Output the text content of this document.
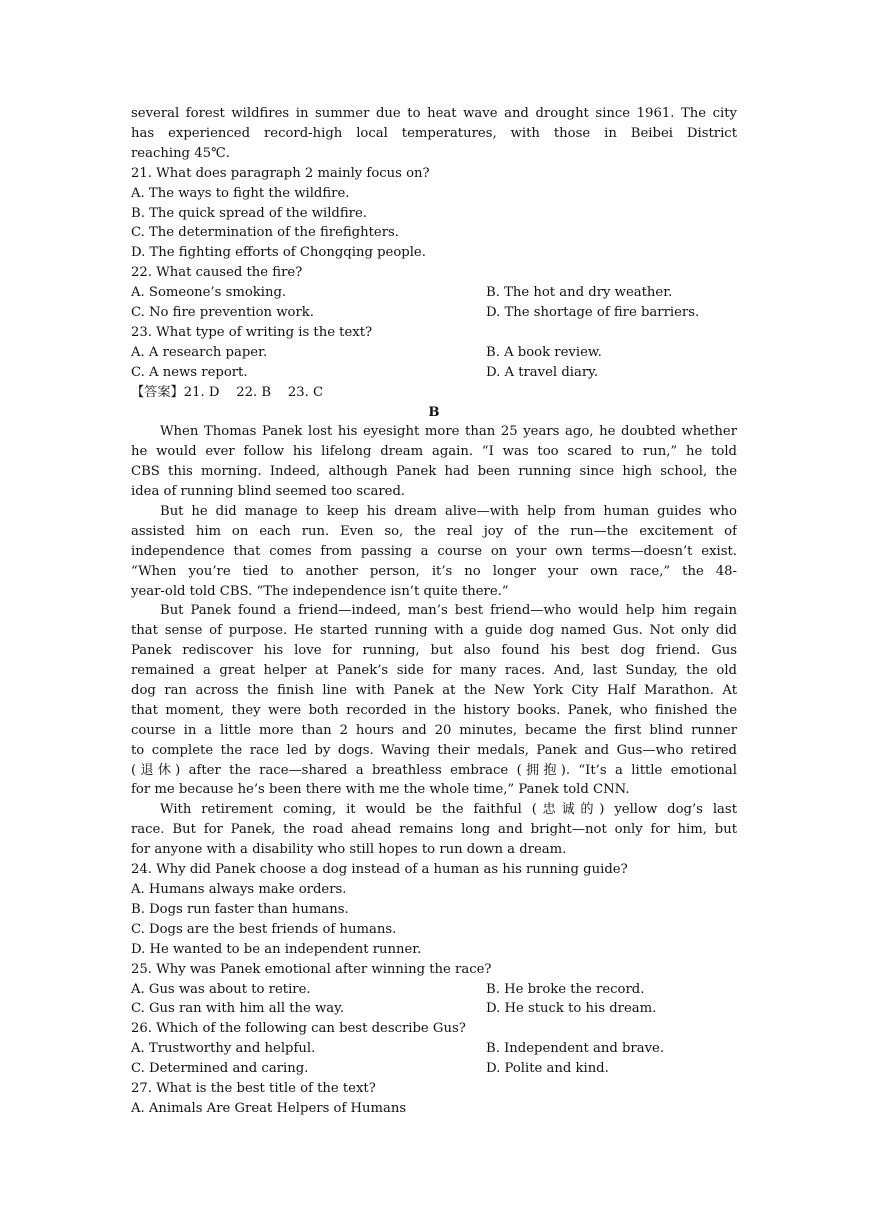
several forest wildfires in summer due to heat wave and drought since 1961. The city
has experienced record-high local temperatures, with those in Beibei District
reaching 45℃.
21. What does paragraph 2 mainly focus on?
A. The ways to fight the wildfire.
B. The quick spread of the wildfire.
C. The determination of the firefighters.
D. The fighting efforts of Chongqing people.
22. What caused the fire?
A. Someone’s smoking.	B. The hot and dry weather.
C. No fire prevention work.	D. The shortage of fire barriers.
23. What type of writing is the text?
A. A research paper.	B. A book review.
C. A news report.	D. A travel diary.
【答案】21. D    22. B    23. C
B
When Thomas Panek lost his eyesight more than 25 years ago, he doubted whether
he would ever follow his lifelong dream again. “I was too scared to run,” he told
CBS this morning. Indeed, although Panek had been running since high school, the
idea of running blind seemed too scared.
But he did manage to keep his dream alive—with help from human guides who
assisted him on each run. Even so, the real joy of the run—the excitement of
independence that comes from passing a course on your own terms—doesn’t exist.
“When you’re tied to another person, it’s no longer your own race,” the 48-
year-old told CBS. “The independence isn’t quite there.”
But Panek found a friend—indeed, man’s best friend—who would help him regain
that sense of purpose. He started running with a guide dog named Gus. Not only did
Panek rediscover his love for running, but also found his best dog friend. Gus
remained a great helper at Panek’s side for many races. And, last Sunday, the old
dog ran across the finish line with Panek at the New York City Half Marathon. At
that moment, they were both recorded in the history books. Panek, who finished the
course in a little more than 2 hours and 20 minutes, became the first blind runner
to complete the race led by dogs. Waving their medals, Panek and Gus—who retired
(退休) after the race—shared a breathless embrace (拥抱). “It’s a little emotional
for me because he’s been there with me the whole time,” Panek told CNN.
With retirement coming, it would be the faithful (忠诚的) yellow dog’s last
race. But for Panek, the road ahead remains long and bright—not only for him, but
for anyone with a disability who still hopes to run down a dream.
24. Why did Panek choose a dog instead of a human as his running guide?
A. Humans always make orders.
B. Dogs run faster than humans.
C. Dogs are the best friends of humans.
D. He wanted to be an independent runner.
25. Why was Panek emotional after winning the race?
A. Gus was about to retire.	B. He broke the record.
C. Gus ran with him all the way.	D. He stuck to his dream.
26. Which of the following can best describe Gus?
A. Trustworthy and helpful.	B. Independent and brave.
C. Determined and caring.	D. Polite and kind.
27. What is the best title of the text?
A. Animals Are Great Helpers of Humans
